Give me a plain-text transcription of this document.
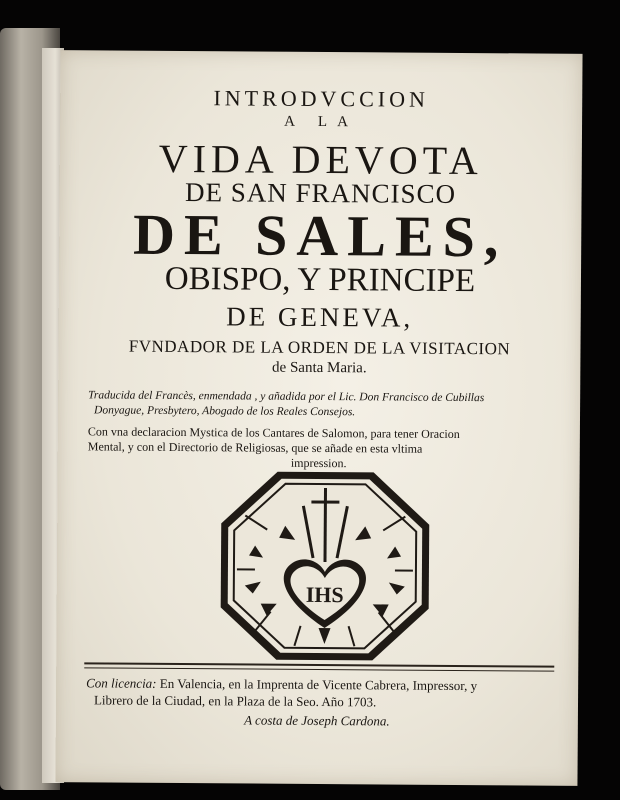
INTRODVCCION

A LA

VIDA DEVOTA

DE SAN FRANCISCO

DE SALES,

OBISPO, Y PRINCIPE

DE GENEVA,

FVNDADOR DE LA ORDEN DE LA VISITACION

de Santa Maria.

Traducida del Francès, enmendada , y añadida por el Lic. Don Francisco de Cubillas

Donyague, Presbytero, Abogado de los Reales Consejos.

Con vna declaracion Mystica de los Cantares de Salomon, para tener Oracion

Mental, y con el Directorio de Religiosas, que se añade en esta vltima

impression.

IHS

Con licencia: En Valencia, en la Imprenta de Vicente Cabrera, Impressor, y

Librero de la Ciudad, en la Plaza de la Seo. Año 1703.

A costa de Joseph Cardona.
